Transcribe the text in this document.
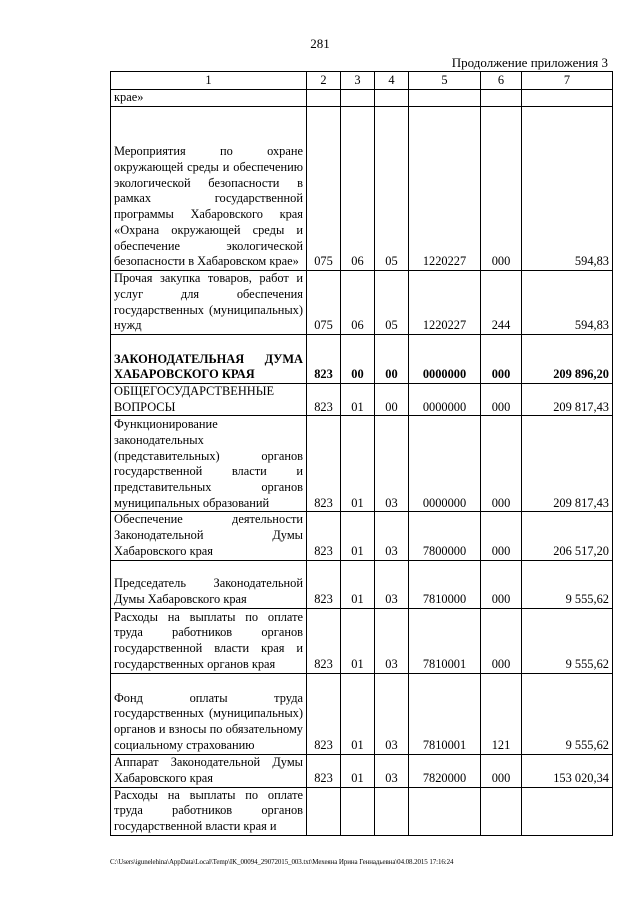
281
Продолжение приложения 3
1	2	3	4	5	6	7

крае»						

Мероприятия по охране окружающей среды и обеспечению экологической безопасности в рамках государственной программы Хабаровского края «Охрана окружающей среды и обеспечение экологической безопасности в Хабаровском крае»	075	06	05	1220227	000	594,83

Прочая закупка товаров, работ и услуг для обеспечения государственных (муниципальных) нужд	075	06	05	1220227	244	594,83

ЗАКОНОДАТЕЛЬНАЯ ДУМА ХАБАРОВСКОГО КРАЯ	823	00	00	0000000	000	209 896,20

ОБЩЕГОСУДАРСТВЕННЫЕ ВОПРОСЫ	823	01	00	0000000	000	209 817,43

Функционирование законодательных (представительных) органов государственной власти и представительных органов муниципальных образований	823	01	03	0000000	000	209 817,43

Обеспечение деятельности Законодательной Думы Хабаровского края	823	01	03	7800000	000	206 517,20

Председатель Законодательной Думы Хабаровского края	823	01	03	7810000	000	9 555,62

Расходы на выплаты по оплате труда работников органов государственной власти края и государственных органов края	823	01	03	7810001	000	9 555,62

Фонд оплаты труда государственных (муниципальных) органов и взносы по обязательному социальному страхованию	823	01	03	7810001	121	9 555,62

Аппарат Законодательной Думы Хабаровского края	823	01	03	7820000	000	153 020,34

Расходы на выплаты по оплате труда работников органов государственной власти края и						

C:\Users\igunelehina\AppData\Local\Temp\IK_00094_29072015_003.txt\Мехеяна Ирина Геннадьевна\04.08.2015 17:16:24
